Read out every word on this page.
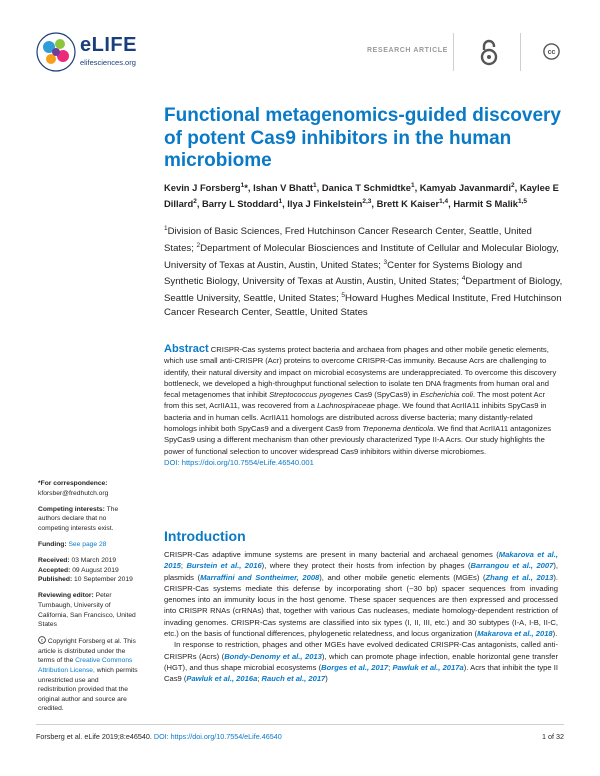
eLIFE
elifesciences.org
RESEARCH ARTICLE	cc
Functional metagenomics-guided discovery of potent Cas9 inhibitors in the human microbiome
Kevin J Forsberg$^1$*, Ishan V Bhatt$^1$, Danica T Schmidtke$^1$, Kamyab Javanmardi$^2$, Kaylee E Dillard$^2$, Barry L Stoddard$^1$, Ilya J Finkelstein$^{2,3}$, Brett K Kaiser$^{1,4}$, Harmit S Malik$^{1,5}$
$^1$Division of Basic Sciences, Fred Hutchinson Cancer Research Center, Seattle, United States; $^2$Department of Molecular Biosciences and Institute of Cellular and Molecular Biology, University of Texas at Austin, Austin, United States; $^3$Center for Systems Biology and Synthetic Biology, University of Texas at Austin, Austin, United States; $^4$Department of Biology, Seattle University, Seattle, United States; $^5$Howard Hughes Medical Institute, Fred Hutchinson Cancer Research Center, Seattle, United States
Abstract CRISPR-Cas systems protect bacteria and archaea from phages and other mobile genetic elements, which use small anti-CRISPR (Acr) proteins to overcome CRISPR-Cas immunity. Because Acrs are challenging to identify, their natural diversity and impact on microbial ecosystems are underappreciated. To overcome this discovery bottleneck, we developed a high-throughput functional selection to isolate ten DNA fragments from human oral and fecal metagenomes that inhibit Streptococcus pyogenes Cas9 (SpyCas9) in Escherichia coli. The most potent Acr from this set, AcrIIA11, was recovered from a Lachnospiraceae phage. We found that AcrIIA11 inhibits SpyCas9 in bacteria and in human cells. AcrIIA11 homologs are distributed across diverse bacteria; many distantly-related homologs inhibit both SpyCas9 and a divergent Cas9 from Treponema denticola. We find that AcrIIA11 antagonizes SpyCas9 using a different mechanism than other previously characterized Type II-A Acrs. Our study highlights the power of functional selection to uncover widespread Cas9 inhibitors within diverse microbiomes.
DOI: https://doi.org/10.7554/eLife.46540.001

*For correspondence:
kforsber@fredhutch.org

Competing interests: The authors declare that no competing interests exist.

Funding: See page 28

Received: 03 March 2019
Accepted: 09 August 2019
Published: 10 September 2019

Reviewing editor: Peter Turnbaugh, University of California, San Francisco, United States

c Copyright Forsberg et al. This article is distributed under the terms of the Creative Commons Attribution License, which permits unrestricted use and redistribution provided that the original author and source are credited.

Introduction

CRISPR-Cas adaptive immune systems are present in many bacterial and archaeal genomes (Makarova et al., 2015; Burstein et al., 2016), where they protect their hosts from infection by phages (Barrangou et al., 2007), plasmids (Marraffini and Sontheimer, 2008), and other mobile genetic elements (MGEs) (Zhang et al., 2013). CRISPR-Cas systems mediate this defense by incorporating short (~30 bp) spacer sequences from invading genomes into an immunity locus in the host genome. These spacer sequences are then expressed and processed into CRISPR RNAs (crRNAs) that, together with various Cas nucleases, mediate homology-dependent restriction of invading genomes. CRISPR-Cas systems are classified into six types (I, II, III, etc.) and 30 subtypes (I-A, I-B, II-C, etc.) on the basis of functional differences, phylogenetic relatedness, and locus organization (Makarova et al., 2018).

In response to restriction, phages and other MGEs have evolved dedicated CRISPR-Cas antagonists, called anti-CRISPRs (Acrs) (Bondy-Denomy et al., 2013), which can promote phage infection, enable horizontal gene transfer (HGT), and thus shape microbial ecosystems (Borges et al., 2017; Pawluk et al., 2017a). Acrs that inhibit the type II Cas9 (Pawluk et al., 2016a; Rauch et al., 2017)

Forsberg et al. eLife 2019;8:e46540. DOI: https://doi.org/10.7554/eLife.46540	1 of 32
